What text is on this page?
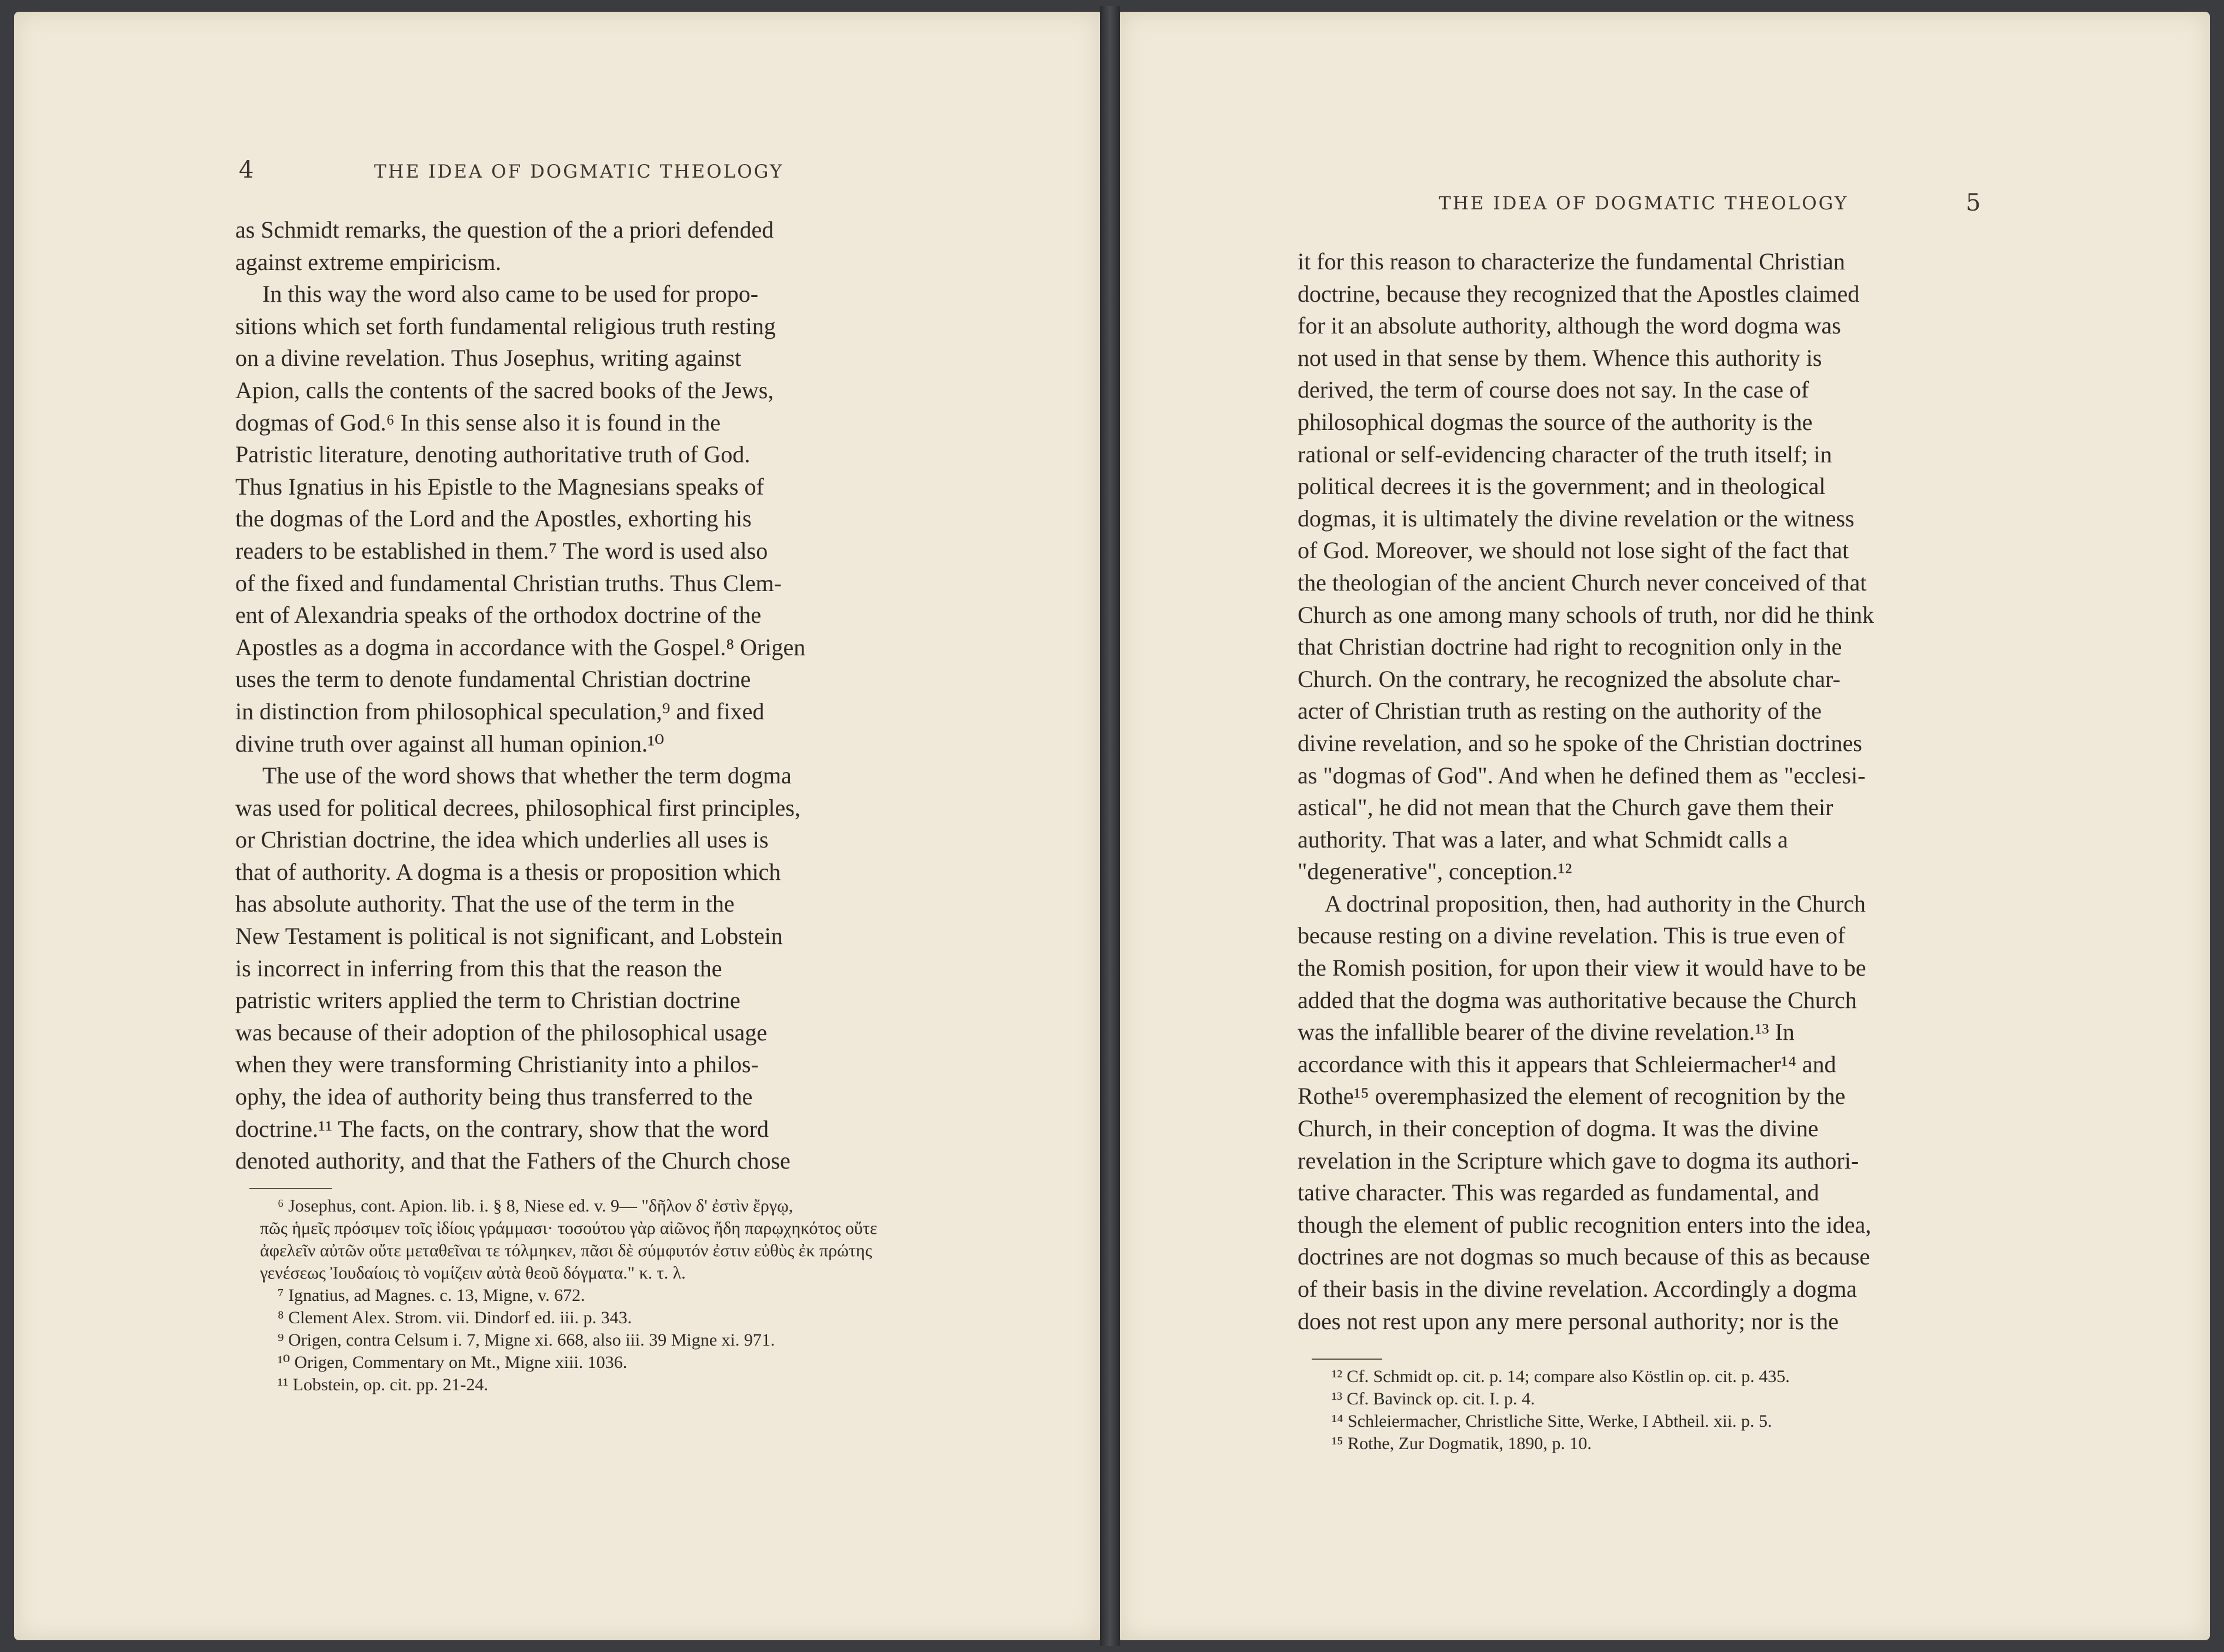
4	THE IDEA OF DOGMATIC THEOLOGY
as Schmidt remarks, the question of the a priori defended
against extreme empiricism.
In this way the word also came to be used for propo-
sitions which set forth fundamental religious truth resting
on a divine revelation. Thus Josephus, writing against
Apion, calls the contents of the sacred books of the Jews,
dogmas of God.⁶ In this sense also it is found in the
Patristic literature, denoting authoritative truth of God.
Thus Ignatius in his Epistle to the Magnesians speaks of
the dogmas of the Lord and the Apostles, exhorting his
readers to be established in them.⁷ The word is used also
of the fixed and fundamental Christian truths. Thus Clem-
ent of Alexandria speaks of the orthodox doctrine of the
Apostles as a dogma in accordance with the Gospel.⁸ Origen
uses the term to denote fundamental Christian doctrine
in distinction from philosophical speculation,⁹ and fixed
divine truth over against all human opinion.¹⁰
The use of the word shows that whether the term dogma
was used for political decrees, philosophical first principles,
or Christian doctrine, the idea which underlies all uses is
that of authority. A dogma is a thesis or proposition which
has absolute authority. That the use of the term in the
New Testament is political is not significant, and Lobstein
is incorrect in inferring from this that the reason the
patristic writers applied the term to Christian doctrine
was because of their adoption of the philosophical usage
when they were transforming Christianity into a philos-
ophy, the idea of authority being thus transferred to the
doctrine.¹¹ The facts, on the contrary, show that the word
denoted authority, and that the Fathers of the Church chose
⁶ Josephus, cont. Apion. lib. i. § 8, Niese ed. v. 9— "δῆλον δ' ἐστὶν ἔργῳ,
πῶς ἡμεῖς πρόσιμεν τοῖς ἰδίοις γράμμασι· τοσούτου γὰρ αἰῶνος ἤδη παρῳχηκότος οὔτε
ἀφελεῖν αὐτῶν οὔτε μεταθεῖναι τε τόλμηκεν, πᾶσι δὲ σύμφυτόν ἐστιν εὐθὺς ἐκ πρώτης
γενέσεως Ἰουδαίοις τὸ νομίζειν αὐτὰ θεοῦ δόγματα." κ. τ. λ.
⁷ Ignatius, ad Magnes. c. 13, Migne, v. 672.
⁸ Clement Alex. Strom. vii. Dindorf ed. iii. p. 343.
⁹ Origen, contra Celsum i. 7, Migne xi. 668, also iii. 39 Migne xi. 971.
¹⁰ Origen, Commentary on Mt., Migne xiii. 1036.
¹¹ Lobstein, op. cit. pp. 21-24.
THE IDEA OF DOGMATIC THEOLOGY	5
it for this reason to characterize the fundamental Christian
doctrine, because they recognized that the Apostles claimed
for it an absolute authority, although the word dogma was
not used in that sense by them. Whence this authority is
derived, the term of course does not say. In the case of
philosophical dogmas the source of the authority is the
rational or self-evidencing character of the truth itself; in
political decrees it is the government; and in theological
dogmas, it is ultimately the divine revelation or the witness
of God. Moreover, we should not lose sight of the fact that
the theologian of the ancient Church never conceived of that
Church as one among many schools of truth, nor did he think
that Christian doctrine had right to recognition only in the
Church. On the contrary, he recognized the absolute char-
acter of Christian truth as resting on the authority of the
divine revelation, and so he spoke of the Christian doctrines
as "dogmas of God". And when he defined them as "ecclesi-
astical", he did not mean that the Church gave them their
authority. That was a later, and what Schmidt calls a
"degenerative", conception.¹²
A doctrinal proposition, then, had authority in the Church
because resting on a divine revelation. This is true even of
the Romish position, for upon their view it would have to be
added that the dogma was authoritative because the Church
was the infallible bearer of the divine revelation.¹³ In
accordance with this it appears that Schleiermacher¹⁴ and
Rothe¹⁵ overemphasized the element of recognition by the
Church, in their conception of dogma. It was the divine
revelation in the Scripture which gave to dogma its authori-
tative character. This was regarded as fundamental, and
though the element of public recognition enters into the idea,
doctrines are not dogmas so much because of this as because
of their basis in the divine revelation. Accordingly a dogma
does not rest upon any mere personal authority; nor is the
¹² Cf. Schmidt op. cit. p. 14; compare also Köstlin op. cit. p. 435.
¹³ Cf. Bavinck op. cit. I. p. 4.
¹⁴ Schleiermacher, Christliche Sitte, Werke, I Abtheil. xii. p. 5.
¹⁵ Rothe, Zur Dogmatik, 1890, p. 10.
